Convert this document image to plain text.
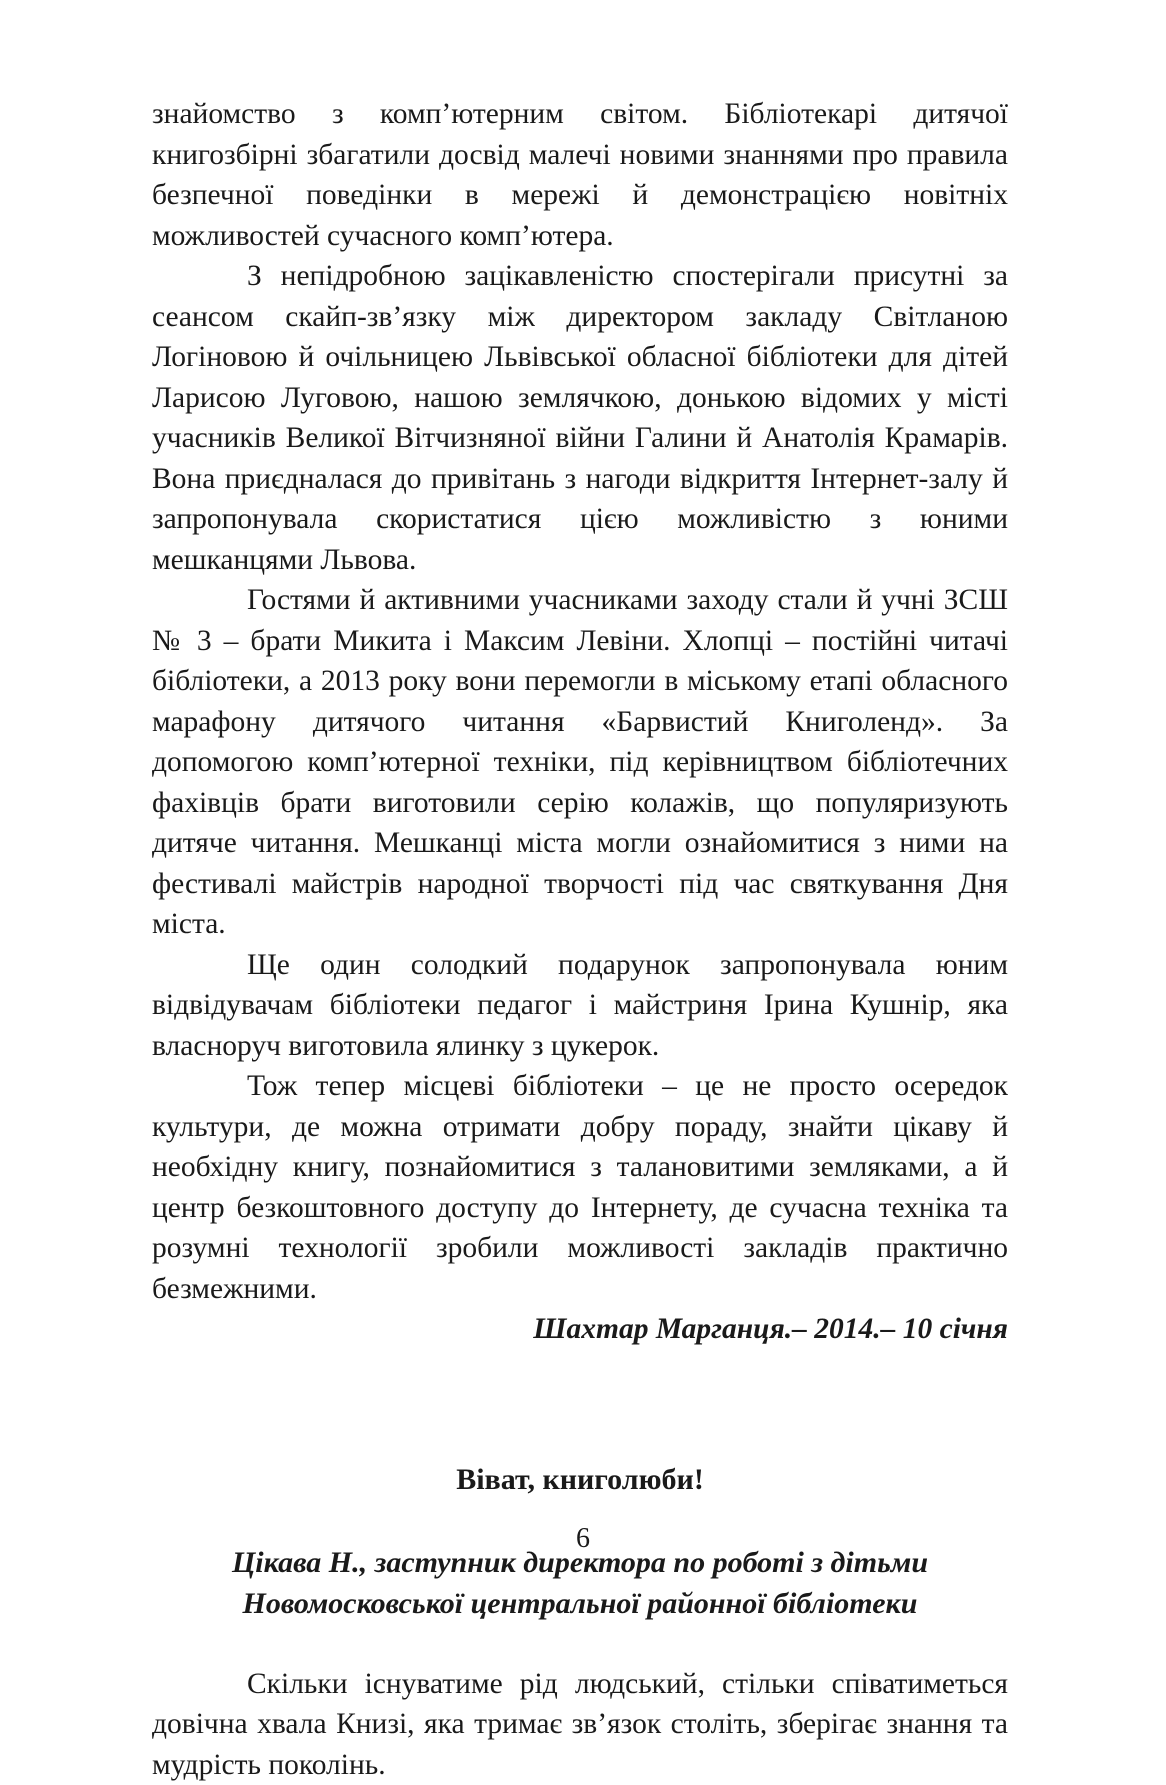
знайомство з комп’ютерним світом. Бібліотекарі дитячої книгозбірні збагатили досвід малечі новими знаннями про правила безпечної поведінки в мережі й демонстрацією новітніх можливостей сучасного комп’ютера.

З непідробною зацікавленістю спостерігали присутні за сеансом скайп-зв’язку між директором закладу Світланою Логіновою й очільницею Львівської обласної бібліотеки для дітей Ларисою Луговою, нашою землячкою, донькою відомих у місті учасників Великої Вітчизняної війни Галини й Анатолія Крамарів. Вона приєдналася до привітань з нагоди відкриття Інтернет-залу й запропонувала скористатися цією можливістю з юними мешканцями Львова.

Гостями й активними учасниками заходу стали й учні ЗСШ № 3 – брати Микита і Максим Левіни. Хлопці – постійні читачі бібліотеки, а 2013 року вони перемогли в міському етапі обласного марафону дитячого читання «Барвистий Книголенд». За допомогою комп’ютерної техніки, під керівництвом бібліотечних фахівців брати виготовили серію колажів, що популяризують дитяче читання. Мешканці міста могли ознайомитися з ними на фестивалі майстрів народної творчості під час святкування Дня міста.

Ще один солодкий подарунок запропонувала юним відвідувачам бібліотеки педагог і майстриня Ірина Кушнір, яка власноруч виготовила ялинку з цукерок.

Тож тепер місцеві бібліотеки – це не просто осередок культури, де можна отримати добру пораду, знайти цікаву й необхідну книгу, познайомитися з талановитими земляками, а й центр безкоштовного доступу до Інтернету, де сучасна техніка та розумні технології зробили можливості закладів практично безмежними.

Шахтар Марганця.– 2014.– 10 січня

Віват, книголюби!

Цікава Н., заступник директора по роботі з дітьми
Новомосковської центральної районної бібліотеки

Скільки існуватиме рід людський, стільки співатиметься довічна хвала Книзі, яка тримає зв’язок століть, зберігає знання та мудрість поколінь.

6
